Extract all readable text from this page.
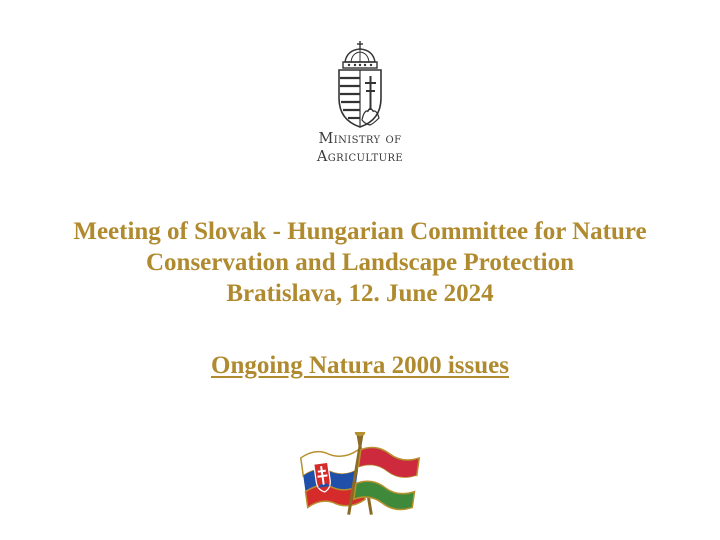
Ministry of
Agriculture
Meeting of Slovak - Hungarian Committee for Nature
Conservation and Landscape Protection
Bratislava, 12. June 2024
Ongoing Natura 2000 issues
